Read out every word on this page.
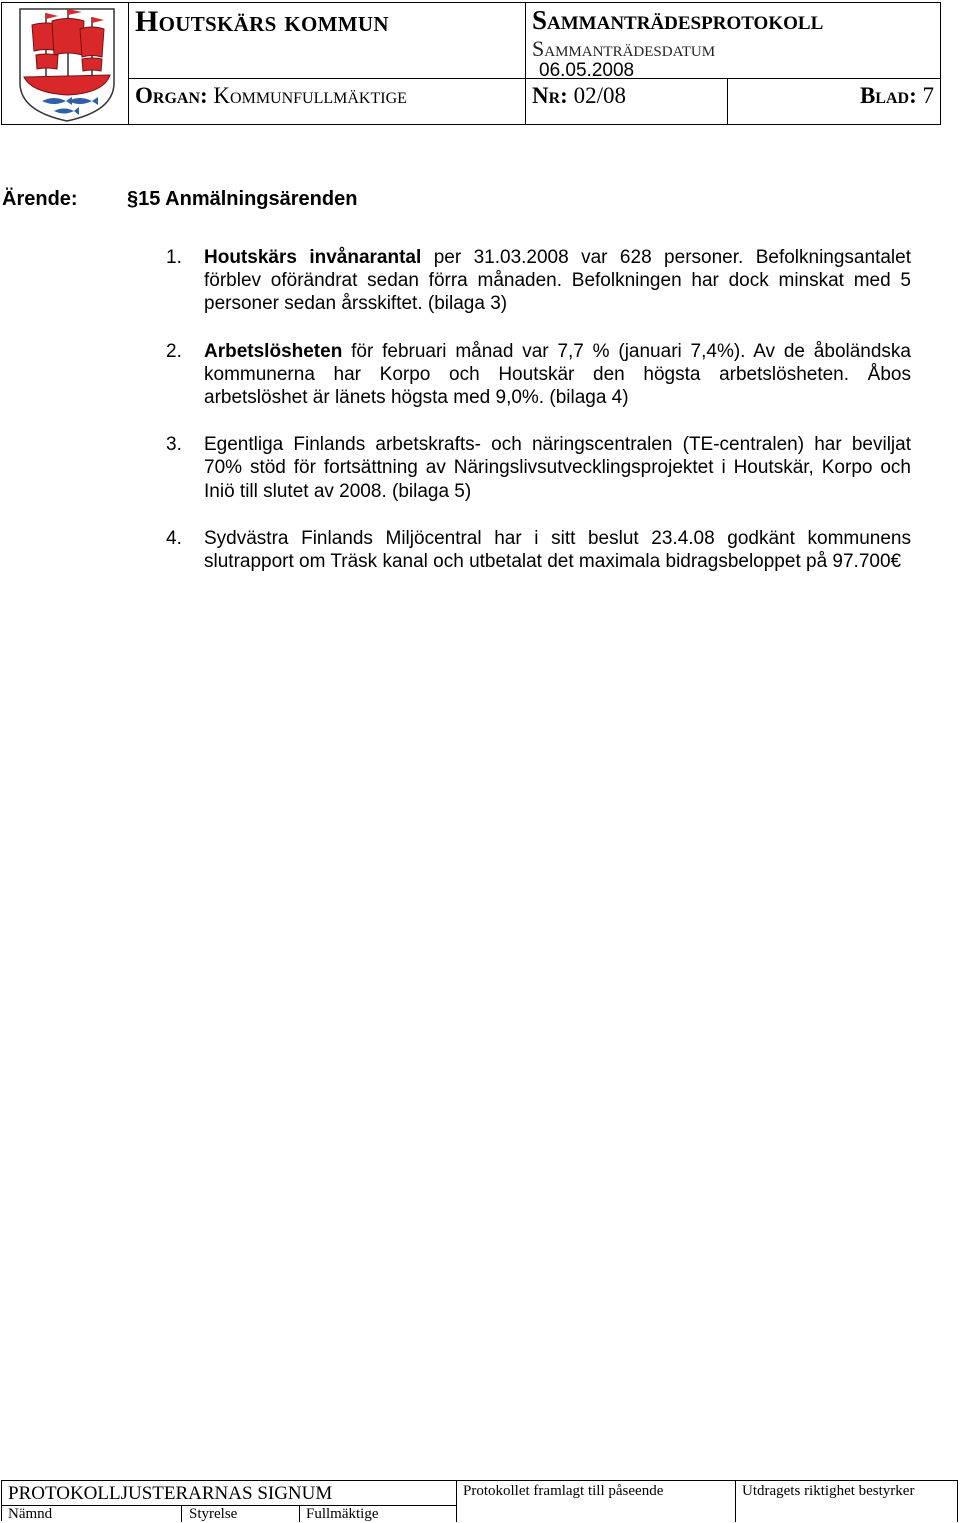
Houtskärs kommun	Sammanträdesprotokoll
Sammanträdesdatum
06.05.2008
Organ: Kommunfullmäktige	Nr: 02/08	Blad: 7
Ärende: §15 Anmälningsärenden
1. Houtskärs invånarantal per 31.03.2008 var 628 personer. Befolkningsantalet förblev oförändrat sedan förra månaden. Befolkningen har dock minskat med 5 personer sedan årsskiftet. (bilaga 3)
2. Arbetslösheten för februari månad var 7,7 % (januari 7,4%). Av de åboländska kommunerna har Korpo och Houtskär den högsta arbetslösheten. Åbos arbetslöshet är länets högsta med 9,0%. (bilaga 4)
3. Egentliga Finlands arbetskrafts- och näringscentralen (TE-centralen) har beviljat 70% stöd för fortsättning av Näringslivsutvecklingsprojektet i Houtskär, Korpo och Iniö till slutet av 2008. (bilaga 5)
4. Sydvästra Finlands Miljöcentral har i sitt beslut 23.4.08 godkänt kommunens slutrapport om Träsk kanal och utbetalat det maximala bidragsbeloppet på 97.700€
PROTOKOLLJUSTERARNAS SIGNUM
Nämnd	Styrelse	Fullmäktige
Protokollet framlagt till påseende	Utdragets riktighet bestyrker
